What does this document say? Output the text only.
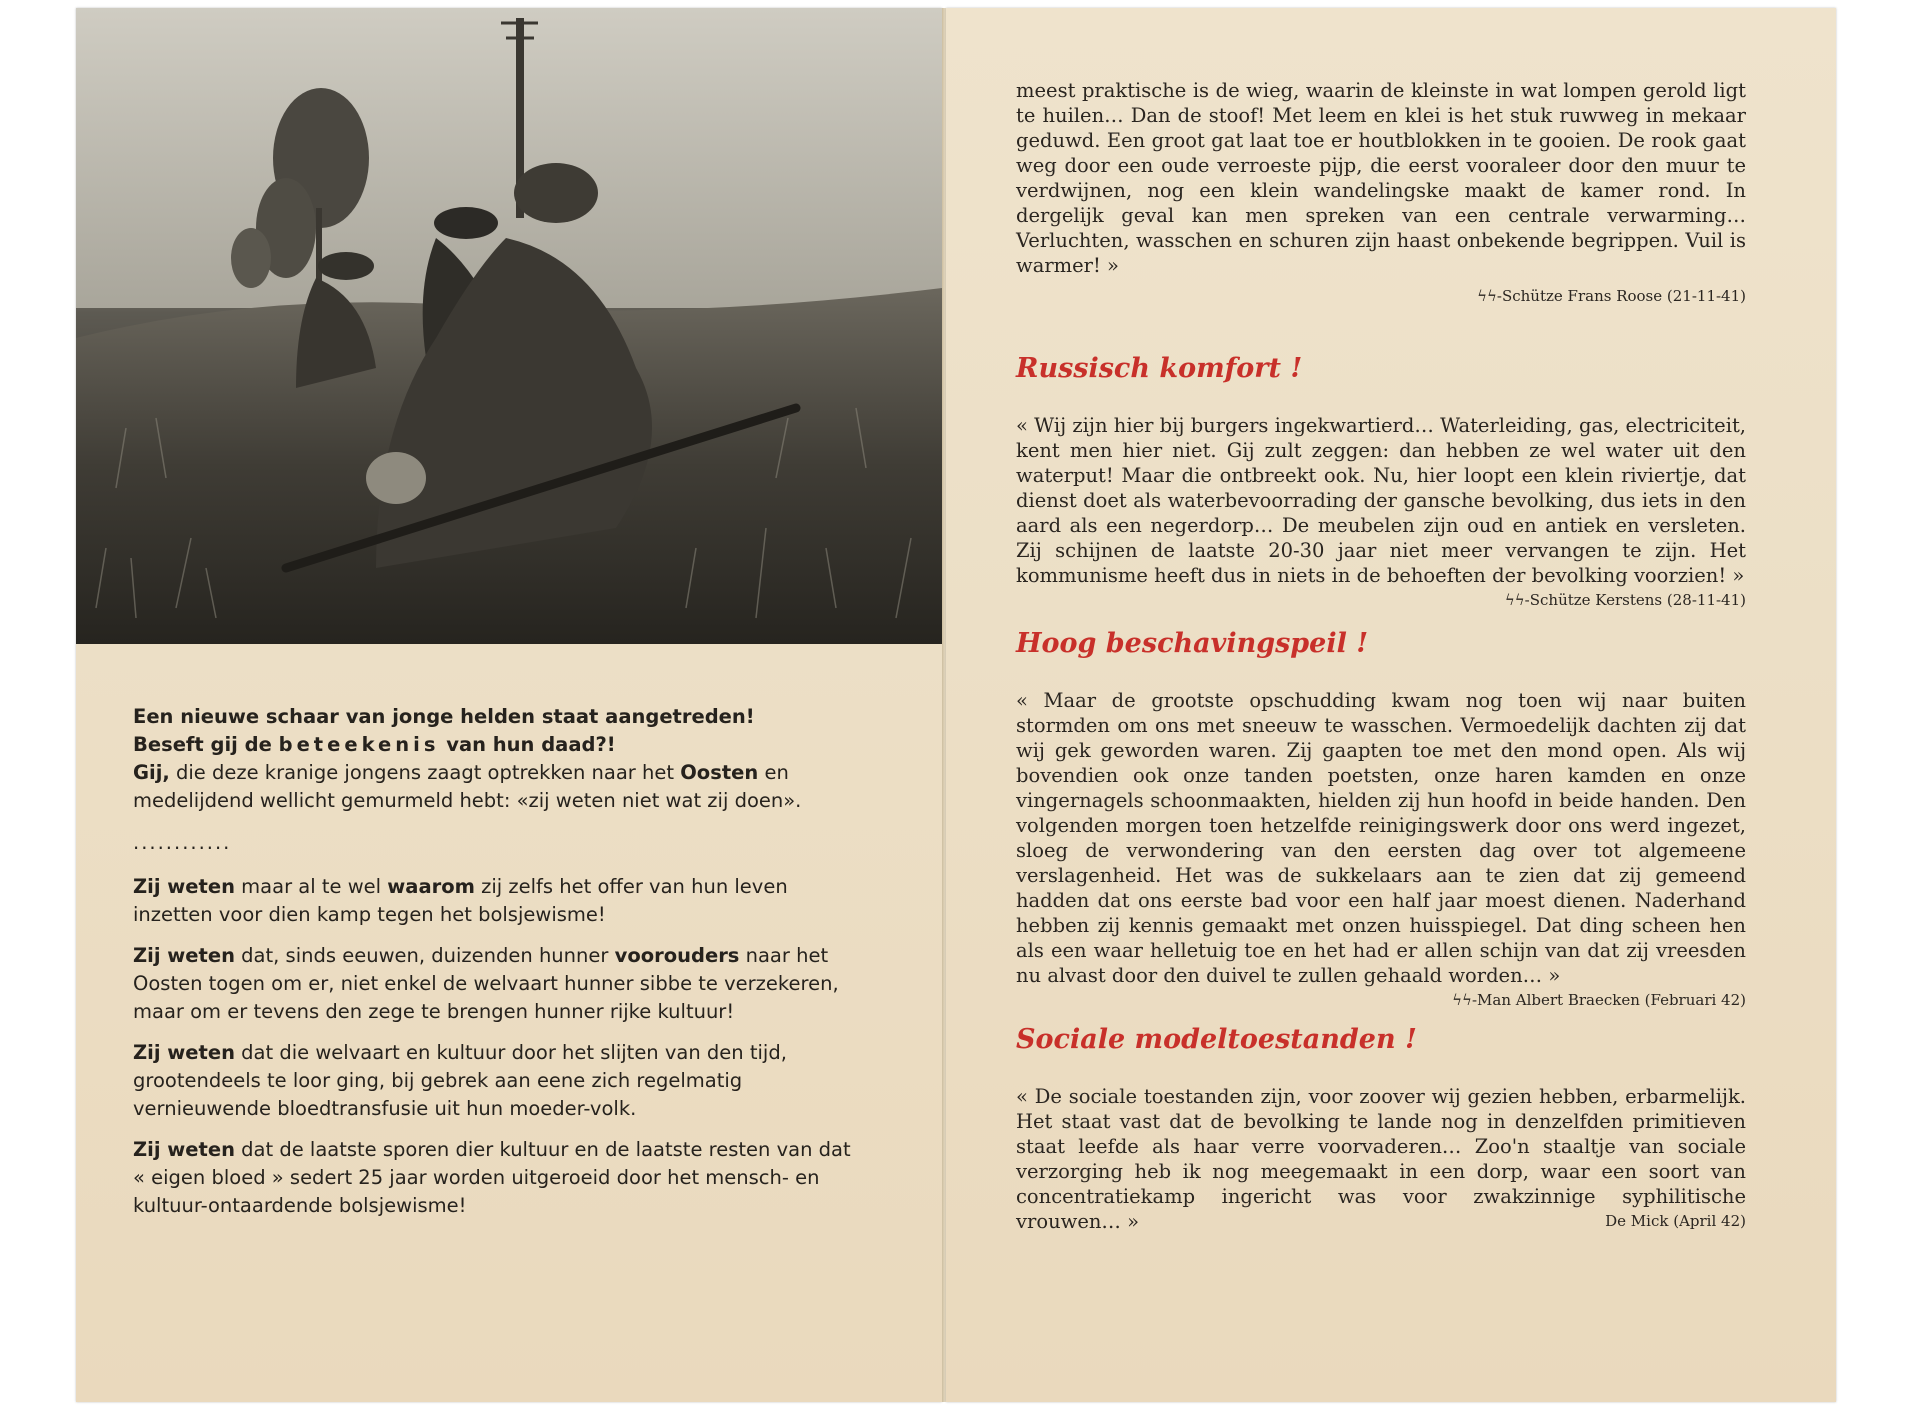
Een nieuwe schaar van jonge helden staat aangetreden!

Beseft gij de beteekenis van hun daad?!

Gij, die deze kranige jongens zaagt optrekken naar het Oosten en medelijdend wellicht gemurmeld hebt: «zij weten niet wat zij doen».

............

Zij weten maar al te wel waarom zij zelfs het offer van hun leven inzetten voor dien kamp tegen het bolsjewisme!

Zij weten dat, sinds eeuwen, duizenden hunner voorouders naar het Oosten togen om er, niet enkel de welvaart hunner sibbe te verzekeren, maar om er tevens den zege te brengen hunner rijke kultuur!

Zij weten dat die welvaart en kultuur door het slijten van den tijd, grootendeels te loor ging, bij gebrek aan eene zich regelmatig vernieuwende bloedtransfusie uit hun moeder-volk.

Zij weten dat de laatste sporen dier kultuur en de laatste resten van dat « eigen bloed » sedert 25 jaar worden uitgeroeid door het mensch- en kultuur-ontaardende bolsjewisme!

meest praktische is de wieg, waarin de kleinste in wat lompen gerold ligt te huilen… Dan de stoof! Met leem en klei is het stuk ruwweg in mekaar geduwd. Een groot gat laat toe er houtblokken in te gooien. De rook gaat weg door een oude verroeste pijp, die eerst vooraleer door den muur te verdwijnen, nog een klein wandelingske maakt de kamer rond. In dergelijk geval kan men spreken van een centrale verwarming… Verluchten, wasschen en schuren zijn haast onbekende begrippen. Vuil is warmer! »

ϟϟ-Schütze Frans Roose (21-11-41)

Russisch komfort !

« Wij zijn hier bij burgers ingekwartierd… Waterleiding, gas, electriciteit, kent men hier niet. Gij zult zeggen: dan hebben ze wel water uit den waterput! Maar die ontbreekt ook. Nu, hier loopt een klein riviertje, dat dienst doet als waterbevoorrading der gansche bevolking, dus iets in den aard als een negerdorp… De meubelen zijn oud en antiek en versleten. Zij schijnen de laatste 20-30 jaar niet meer vervangen te zijn. Het kommunisme heeft dus in niets in de behoeften der bevolking voorzien! »
ϟϟ-Schütze Kerstens (28-11-41)

Hoog beschavingspeil !

« Maar de grootste opschudding kwam nog toen wij naar buiten stormden om ons met sneeuw te wasschen. Vermoedelijk dachten zij dat wij gek geworden waren. Zij gaapten toe met den mond open. Als wij bovendien ook onze tanden poetsten, onze haren kamden en onze vingernagels schoonmaakten, hielden zij hun hoofd in beide handen. Den volgenden morgen toen hetzelfde reinigingswerk door ons werd ingezet, sloeg de verwondering van den eersten dag over tot algemeene verslagenheid. Het was de sukkelaars aan te zien dat zij gemeend hadden dat ons eerste bad voor een half jaar moest dienen. Naderhand hebben zij kennis gemaakt met onzen huisspiegel. Dat ding scheen hen als een waar helletuig toe en het had er allen schijn van dat zij vreesden nu alvast door den duivel te zullen gehaald worden… »
ϟϟ-Man Albert Braecken (Februari 42)

Sociale modeltoestanden !

« De sociale toestanden zijn, voor zoover wij gezien hebben, erbarmelijk. Het staat vast dat de bevolking te lande nog in denzelfden primitieven staat leefde als haar verre voorvaderen… Zoo'n staaltje van sociale verzorging heb ik nog meegemaakt in een dorp, waar een soort van concentratiekamp ingericht was voor zwakzinnige syphilitische vrouwen… »	De Mick (April 42)
